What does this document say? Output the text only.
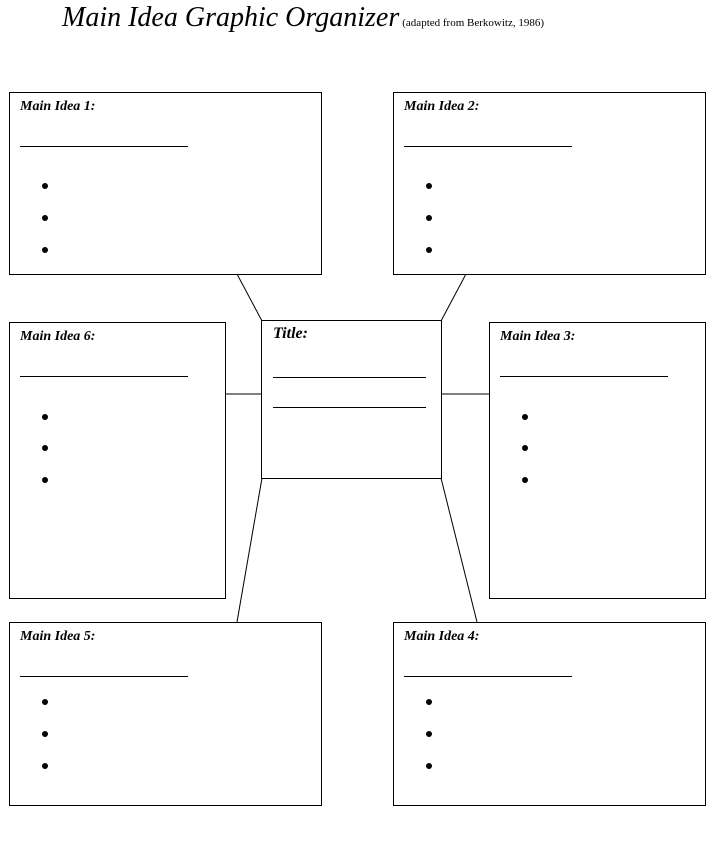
Main Idea Graphic Organizer (adapted from Berkowitz, 1986)
Main Idea 1:	Main Idea 2:
Main Idea 6:	Title:	Main Idea 3:
Main Idea 5:	Main Idea 4:
